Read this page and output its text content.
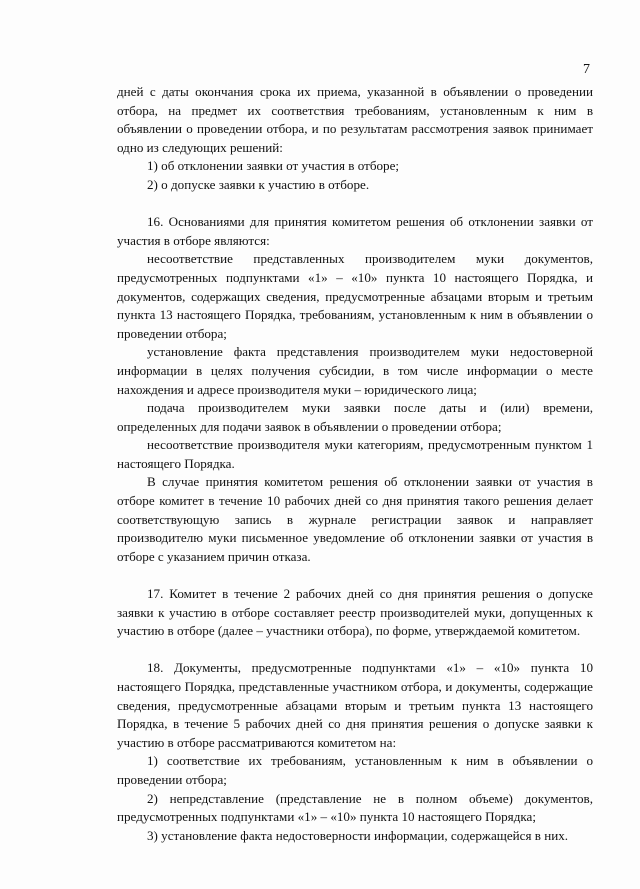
7

дней с даты окончания срока их приема, указанной в объявлении о проведении отбора, на предмет их соответствия требованиям, установленным к ним в объявлении о проведении отбора, и по результатам рассмотрения заявок принимает одно из следующих решений:

1) об отклонении заявки от участия в отборе;

2) о допуске заявки к участию в отборе.

16. Основаниями для принятия комитетом решения об отклонении заявки от участия в отборе являются:

несоответствие представленных производителем муки документов, предусмотренных подпунктами «1» – «10» пункта 10 настоящего Порядка, и документов, содержащих сведения, предусмотренные абзацами вторым и третьим пункта 13 настоящего Порядка, требованиям, установленным к ним в объявлении о проведении отбора;

установление факта представления производителем муки недостоверной информации в целях получения субсидии, в том числе информации о месте нахождения и адресе производителя муки – юридического лица;

подача производителем муки заявки после даты и (или) времени, определенных для подачи заявок в объявлении о проведении отбора;

несоответствие производителя муки категориям, предусмотренным пунктом 1 настоящего Порядка.

В случае принятия комитетом решения об отклонении заявки от участия в отборе комитет в течение 10 рабочих дней со дня принятия такого решения делает соответствующую запись в журнале регистрации заявок и направляет производителю муки письменное уведомление об отклонении заявки от участия в отборе с указанием причин отказа.

17. Комитет в течение 2 рабочих дней со дня принятия решения о допуске заявки к участию в отборе составляет реестр производителей муки, допущенных к участию в отборе (далее – участники отбора), по форме, утверждаемой комитетом.

18. Документы, предусмотренные подпунктами «1» – «10» пункта 10 настоящего Порядка, представленные участником отбора, и документы, содержащие сведения, предусмотренные абзацами вторым и третьим пункта 13 настоящего Порядка, в течение 5 рабочих дней со дня принятия решения о допуске заявки к участию в отборе рассматриваются комитетом на:

1) соответствие их требованиям, установленным к ним в объявлении о проведении отбора;

2) непредставление (представление не в полном объеме) документов, предусмотренных подпунктами «1» – «10» пункта 10 настоящего Порядка;

3) установление факта недостоверности информации, содержащейся в них.
